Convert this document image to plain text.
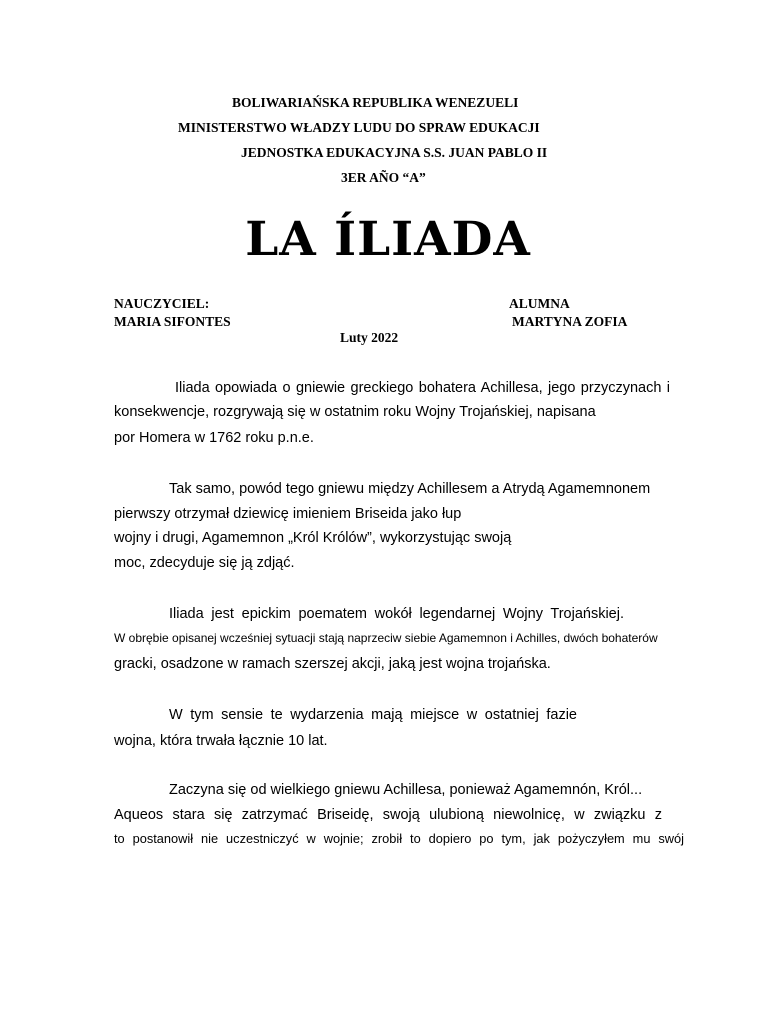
BOLIWARIAŃSKA REPUBLIKA WENEZUELI
MINISTERSTWO WŁADZY LUDU DO SPRAW EDUKACJI
JEDNOSTKA EDUKACYJNA S.S. JUAN PABLO II
3ER AÑO “A”
LA ÍLIADA
NAUCZYCIEL:
MARIA SIFONTES
ALUMNA
MARTYNA ZOFIA
Luty 2022
Iliada opowiada o gniewie greckiego bohatera Achillesa, jego przyczynach i
konsekwencje, rozgrywają się w ostatnim roku Wojny Trojańskiej, napisana
por Homera w 1762 roku p.n.e.
Tak samo, powód tego gniewu między Achillesem a Atrydą Agamemnonem
pierwszy otrzymał dziewicę imieniem Briseida jako łup
wojny i drugi, Agamemnon „Król Królów”, wykorzystując swoją
moc, zdecyduje się ją zdjąć.
Iliada jest epickim poematem wokół legendarnej Wojny Trojańskiej.
W obrębie opisanej wcześniej sytuacji stają naprzeciw siebie Agamemnon i Achilles, dwóch bohaterów
gracki, osadzone w ramach szerszej akcji, jaką jest wojna trojańska.
W tym sensie te wydarzenia mają miejsce w ostatniej fazie
wojna, która trwała łącznie 10 lat.
Zaczyna się od wielkiego gniewu Achillesa, ponieważ Agamemnón, Król...
Aqueos stara się zatrzymać Briseidę, swoją ulubioną niewolnicę, w związku z
to postanowił nie uczestniczyć w wojnie; zrobił to dopiero po tym, jak pożyczyłem mu swój
